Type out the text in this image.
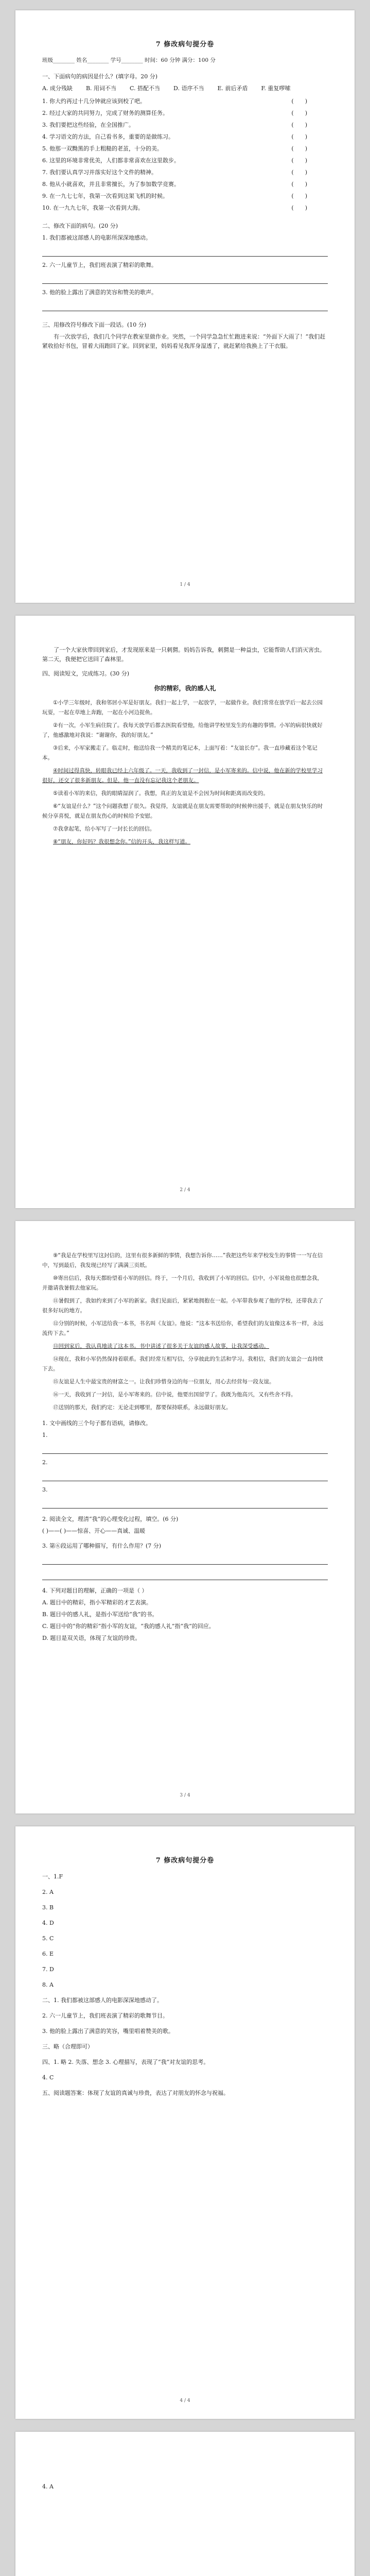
7 修改病句提分卷
班级________ 姓名________ 学号________ 时间：60 分钟 满分：100 分
一、下面病句的病因是什么？(填字母。20 分)
A. 成分残缺 B. 用词不当 C. 搭配不当 D. 语序不当 E. 前后矛盾 F. 重复啰嗦
1. 你大约再过十几分钟就应该到校了吧。	(　　)
2. 经过大家的共同努力，完成了财务的测算任务。	(　　)
3. 我们要把这些经验，在全国推广。	(　　)
4. 学习语文的方法，自己看书多，重要的是做练习。	(　　)
5. 他那一双黝黑的手上粗糙的老茧，十分的美。	(　　)
6. 这里的环境非常优美，人们都非常喜欢在这里散步。	(　　)
7. 我们要认真学习并落实好这个文件的精神。	(　　)
8. 他从小就喜欢，并且非常擅长，为了参加数学竞赛。	(　　)
9. 在一九七七年，我第一次看到这架飞机的时候。	(　　)
10. 在一九九七年，我第一次看到大海。	(　　)
二、修改下面的病句。(20 分)
1. 我们都被这部感人的电影所深深地感动。
2. 六一儿童节上，我们班表演了精彩的歌舞。
3. 他的脸上露出了满意的笑容和赞美的歌声。
三、用修改符号修改下面一段话。(10 分)
有一次放学后，我们几个同学在教室里做作业。突然，一个同学急急忙忙跑进来说：“外面下大雨了！”我们赶紧收拾好书包，冒着大雨跑回了家。回到家里，妈妈看见我浑身湿透了，就赶紧给我换上了干衣服。
1 / 4
了一个大家伙带回到家后，才发现原来是一只刺猬。妈妈告诉我，刺猬是一种益虫，它能帮助人们消灭害虫。第二天，我便把它送回了森林里。
四、阅读短文，完成练习。(30 分)
你的精彩，我的感人礼
①小学三年级时，我和邻居小军是好朋友。我们一起上学，一起放学，一起做作业。我们常常在放学后一起去公园玩耍，一起在草地上奔跑，一起在小河边捉鱼。
②有一次，小军生病住院了。我每天放学后都去医院看望他，给他讲学校里发生的有趣的事情。小军的病很快就好了，他感激地对我说：“谢谢你，我的好朋友。”
③后来，小军家搬走了。临走时，他送给我一个精美的笔记本，上面写着：“友谊长存”。我一直珍藏着这个笔记本。
④时间过得真快，转眼我已经上六年级了。一天，我收到了一封信，是小军寄来的。信中说，他在新的学校里学习很好，还交了很多新朋友。但是，他一直没有忘记我这个老朋友。
⑤读着小军的来信，我的眼睛湿润了。我想，真正的友谊是不会因为时间和距离而改变的。
⑥“友谊是什么？”这个问题我想了很久。我觉得，友谊就是在朋友需要帮助的时候伸出援手，就是在朋友快乐的时候分享喜悦，就是在朋友伤心的时候给予安慰。
⑦我拿起笔，给小军写了一封长长的回信。
⑧“朋友，你好吗？我很想念你。”信的开头，我这样写道。
2 / 4
⑨“我是在学校里写这封信的，这里有很多新鲜的事情，我想告诉你……”我把这些年来学校发生的事情一一写在信中，写到最后，我发现已经写了满满三页纸。
⑩寄出信后，我每天都盼望着小军的回信。终于，一个月后，我收到了小军的回信。信中，小军说他也很想念我，并邀请我暑假去他家玩。
⑪暑假到了，我如约来到了小军的新家。我们见面后，紧紧地拥抱在一起。小军带我参观了他的学校，还带我去了很多好玩的地方。
⑫分别的时候，小军送给我一本书，书名叫《友谊》。他说：“这本书送给你，希望我们的友谊像这本书一样，永远流传下去。”
⑬回到家后，我认真地读了这本书。书中讲述了很多关于友谊的感人故事，让我深受感动。
⑭现在，我和小军仍然保持着联系。我们经常互相写信，分享彼此的生活和学习。我相信，我们的友谊会一直持续下去。
⑮友谊是人生中最宝贵的财富之一。让我们珍惜身边的每一位朋友，用心去经营每一段友谊。
⑯一天，我收到了一封信，是小军寄来的。信中说，他要出国留学了。我既为他高兴，又有些舍不得。
⑰送别的那天，我们约定：无论走到哪里，都要保持联系，永远做好朋友。
1. 文中画线的三个句子都有语病，请修改。
1.
2.
3.
2. 阅读全文，理清“我”的心理变化过程，填空。(6 分)
( )——( )——惊喜、开心——真诚、温暖
3. 第⑥段运用了哪种描写，有什么作用？(7 分)
4. 下列对题目的理解，正确的一项是（ ）
A. 题目中的精彩，指小军精彩的才艺表演。
B. 题目中的感人礼，是指小军送给“我”的书。
C. 题目中的“你的精彩”指小军的友谊，“我的感人礼”指“我”的回应。
D. 题目是双关语，体现了友谊的珍贵。
3 / 4
7 修改病句提分卷
一、1.F
2. A
3. B
4. D
5. C
6. E
7. D
8. A
二、1. 我们都被这部感人的电影深深地感动了。
2. 六一儿童节上，我们班表演了精彩的歌舞节目。
3. 他的脸上露出了满意的笑容，嘴里唱着赞美的歌。
三、略（合理即可）
四、1. 略 2. 失落、想念 3. 心理描写，表现了“我”对友谊的思考。
4. C
五、阅读题答案：体现了友谊的真诚与珍贵，表达了对朋友的怀念与祝福。
4 / 4
4. A
